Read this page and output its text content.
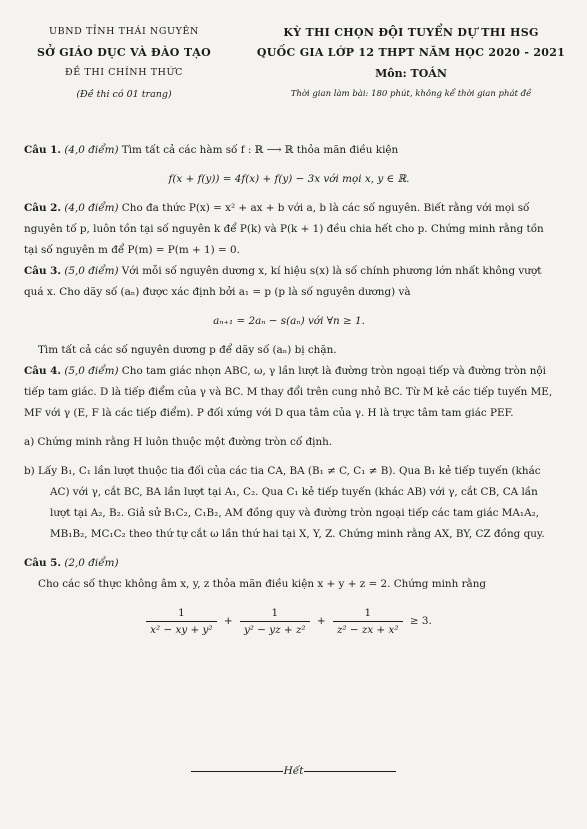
UBND TỈNH THÁI NGUYÊN
SỞ GIÁO DỤC VÀ ĐÀO TẠO
ĐỀ THI CHÍNH THỨC
(Đề thi có 01 trang)
KỲ THI CHỌN ĐỘI TUYỂN DỰ THI HSG
QUỐC GIA LỚP 12 THPT NĂM HỌC 2020 - 2021
Môn: TOÁN
Thời gian làm bài: 180 phút, không kể thời gian phát đề

Câu 1. (4,0 điểm) Tìm tất cả các hàm số f : ℝ ⟶ ℝ thỏa mãn điều kiện

f(x + f(y)) = 4f(x) + f(y) − 3x với mọi x, y ∈ ℝ.

Câu 2. (4,0 điểm) Cho đa thức P(x) = x² + ax + b với a, b là các số nguyên. Biết rằng với mọi số nguyên tố p, luôn tồn tại số nguyên k để P(k) và P(k + 1) đều chia hết cho p. Chứng minh rằng tồn tại số nguyên m để P(m) = P(m + 1) = 0.

Câu 3. (5,0 điểm) Với mỗi số nguyên dương x, kí hiệu s(x) là số chính phương lớn nhất không vượt quá x. Cho dãy số (aₙ) được xác định bởi a₁ = p (p là số nguyên dương) và

aₙ₊₁ = 2aₙ − s(aₙ) với ∀n ≥ 1.

Tìm tất cả các số nguyên dương p để dãy số (aₙ) bị chặn.

Câu 4. (5,0 điểm) Cho tam giác nhọn ABC, ω, γ lần lượt là đường tròn ngoại tiếp và đường tròn nội tiếp tam giác. D là tiếp điểm của γ và BC. M thay đổi trên cung nhỏ BC. Từ M kẻ các tiếp tuyến ME, MF với γ (E, F là các tiếp điểm). P đối xứng với D qua tâm của γ. H là trực tâm tam giác PEF.

a) Chứng minh rằng H luôn thuộc một đường tròn cố định.

b) Lấy B₁, C₁ lần lượt thuộc tia đối của các tia CA, BA (B₁ ≠ C, C₁ ≠ B). Qua B₁ kẻ tiếp tuyến (khác AC) với γ, cắt BC, BA lần lượt tại A₁, C₂. Qua C₁ kẻ tiếp tuyến (khác AB) với γ, cắt CB, CA lần lượt tại A₂, B₂. Giả sử B₁C₂, C₁B₂, AM đồng quy và đường tròn ngoại tiếp các tam giác MA₁A₂, MB₁B₂, MC₁C₂ theo thứ tự cắt ω lần thứ hai tại X, Y, Z. Chứng minh rằng AX, BY, CZ đồng quy.

Câu 5. (2,0 điểm)

Cho các số thực không âm x, y, z thỏa mãn điều kiện x + y + z = 2. Chứng minh rằng

$\frac{1}{\text{x² − xy + y²}} + \frac{1}{\text{y² − yz + z²}} + \frac{1}{\text{z² − zx + x²}} \ge 3$.
Hết
